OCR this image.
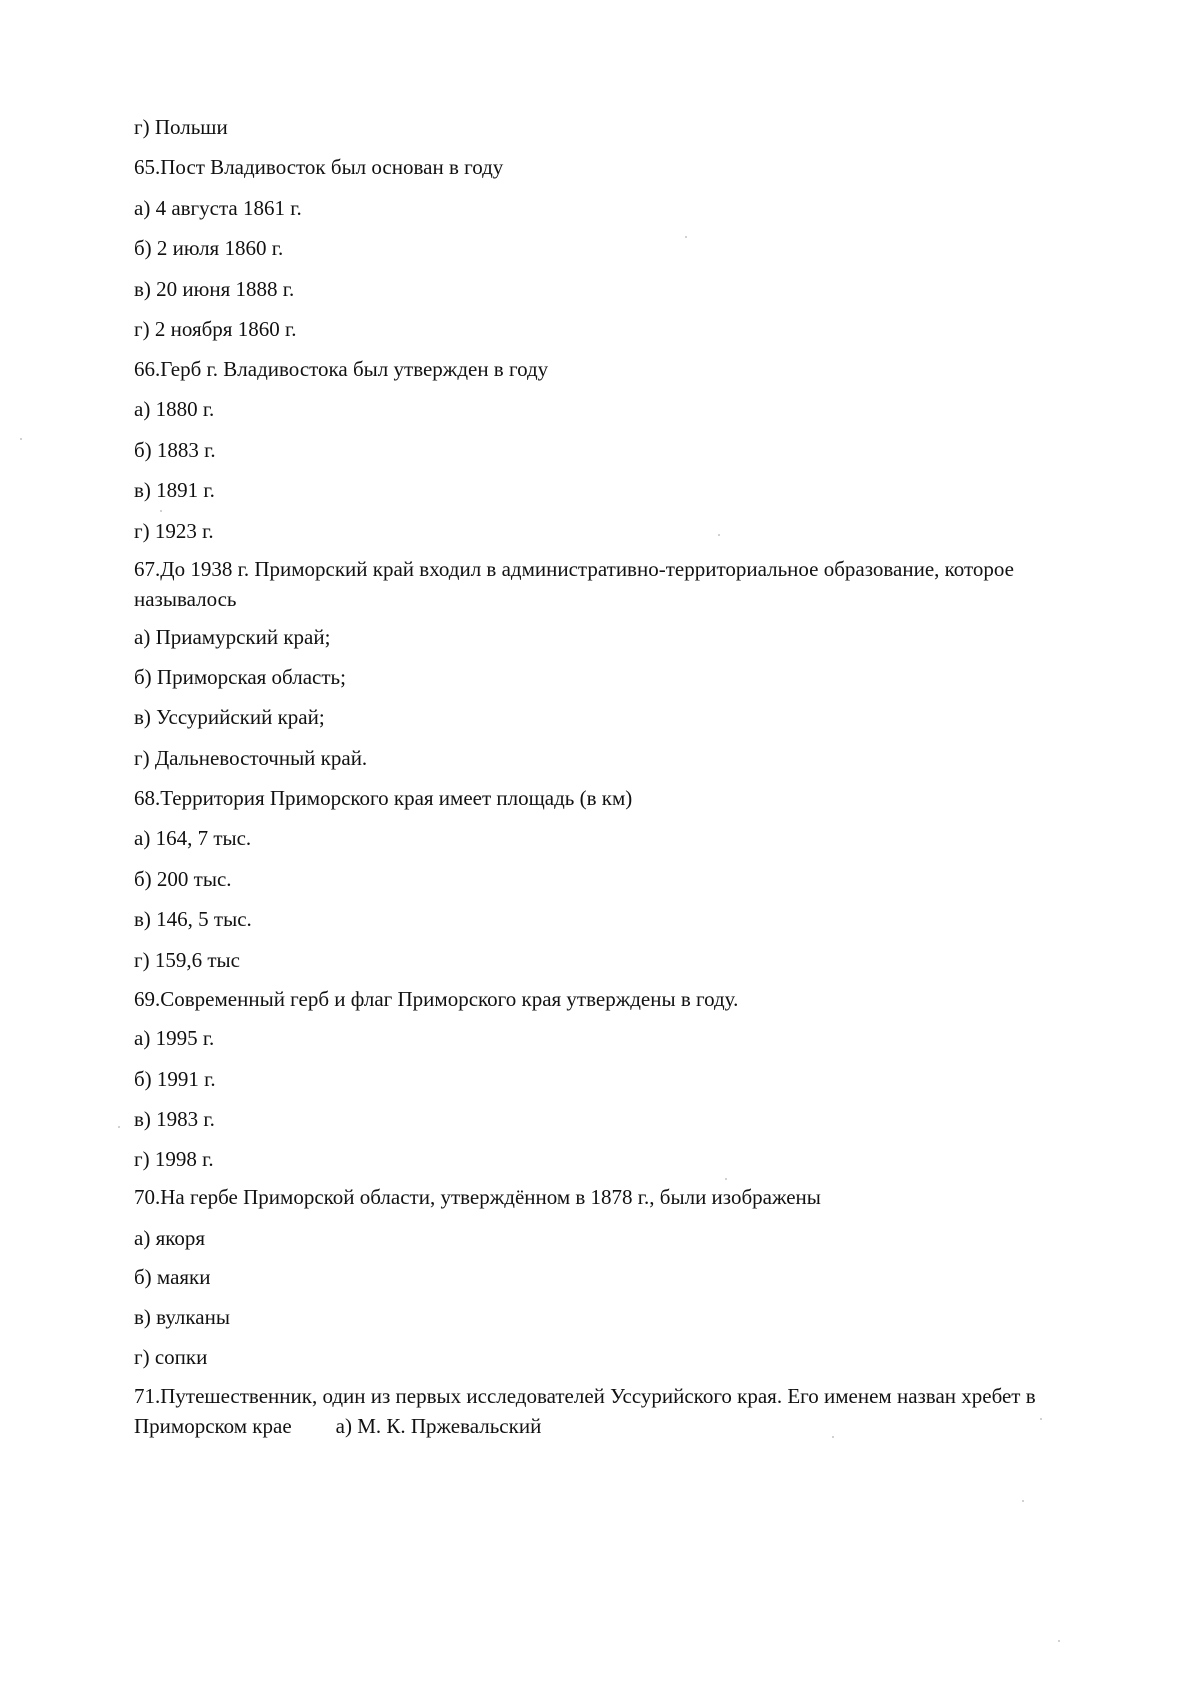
г) Польши
65.Пост Владивосток был основан в году
а) 4 августа 1861 г.
б) 2 июля 1860 г.
в) 20 июня 1888 г.
г) 2 ноября 1860 г.
66.Герб г. Владивостока был утвержден в году
а) 1880 г.
б) 1883 г.
в) 1891 г.
г) 1923 г.
67.До 1938 г. Приморский край входил в административно-территориальное образование, которое называлось
а) Приамурский край;
б) Приморская область;
в) Уссурийский край;
г) Дальневосточный край.
68.Территория Приморского края имеет площадь (в км)
а) 164, 7 тыс.
б) 200 тыс.
в) 146, 5 тыс.
г) 159,6 тыс
69.Современный герб и флаг Приморского края утверждены в году.
а) 1995 г.
б) 1991 г.
в) 1983 г.
г) 1998 г.
70.На гербе Приморской области, утверждённом в 1878 г., были изображены
а) якоря
б) маяки
в) вулканы
г) сопки
71.Путешественник, один из первых исследователей Уссурийского края. Его именем назван хребет в Приморском крае а) М. К. Пржевальский
